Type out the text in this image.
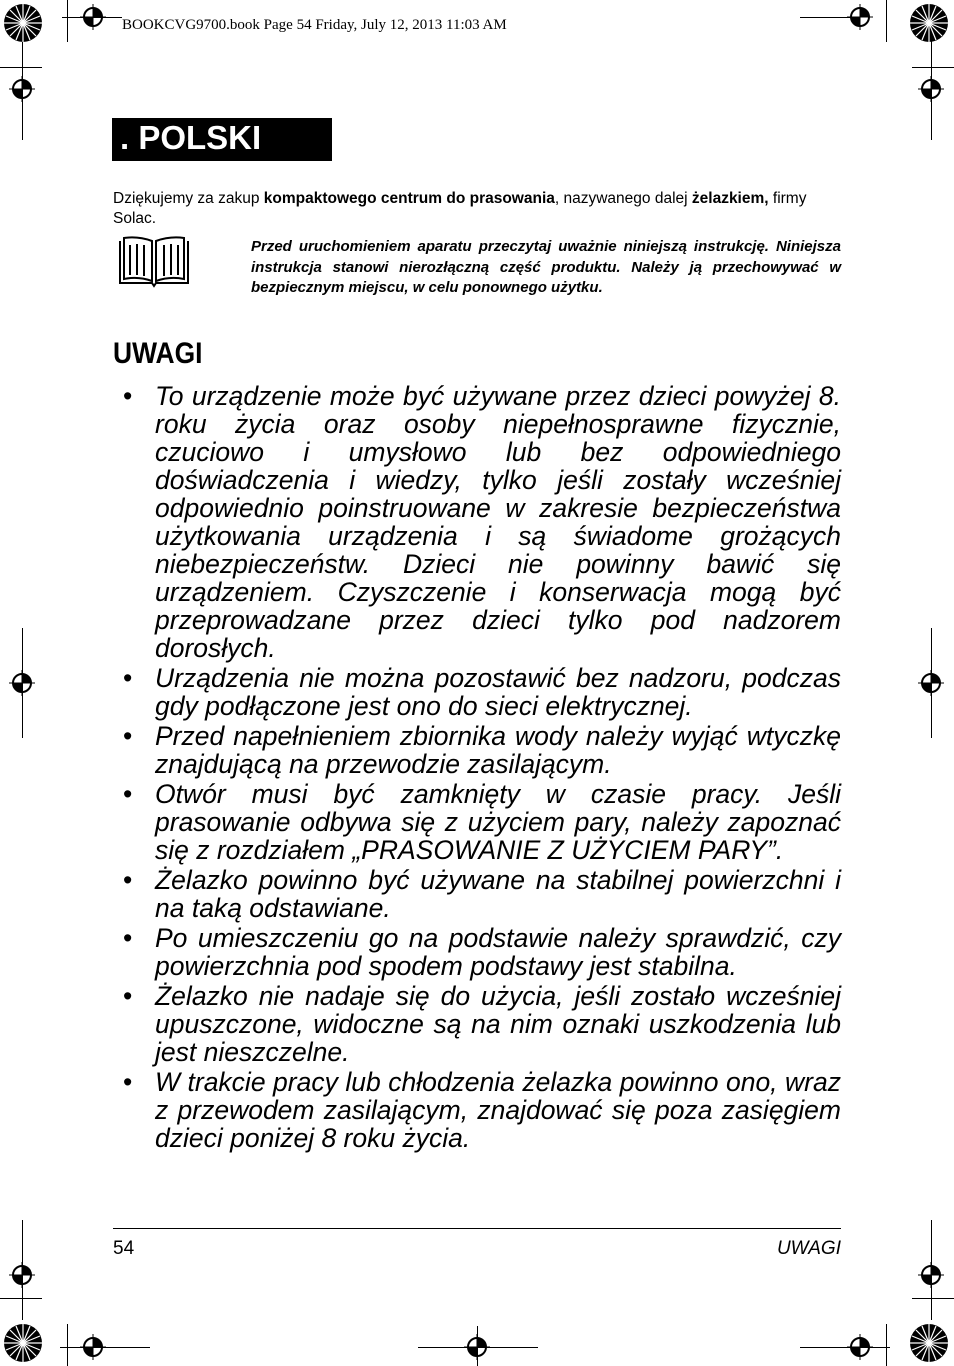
BOOKCVG9700.book Page 54 Friday, July 12, 2013 11:03 AM
. POLSKI
Dziękujemy za zakup kompaktowego centrum do prasowania, nazywanego dalej żelazkiem, firmy Solac.
Przed uruchomieniem aparatu przeczytaj uważnie niniejszą instrukcję. Niniejsza instrukcja stanowi nierozłączną część produktu. Należy ją przechowywać w bezpiecznym miejscu, w celu ponownego użytku.
UWAGI
• To urządzenie może być używane przez dzieci powyżej 8. roku życia oraz osoby niepełnosprawne fizycznie, czuciowo i umysłowo lub bez odpowiedniego doświadczenia i wiedzy, tylko jeśli zostały wcześniej odpowiednio poinstruowane w zakresie bezpieczeństwa użytkowania urządzenia i są świadome grożących niebezpieczeństw. Dzieci nie powinny bawić się urządzeniem. Czyszczenie i konserwacja mogą być przeprowadzane przez dzieci tylko pod nadzorem dorosłych.
• Urządzenia nie można pozostawić bez nadzoru, podczas gdy podłączone jest ono do sieci elektrycznej.
• Przed napełnieniem zbiornika wody należy wyjąć wtyczkę znajdującą na przewodzie zasilającym.
• Otwór musi być zamknięty w czasie pracy. Jeśli prasowanie odbywa się z użyciem pary, należy zapoznać się z rozdziałem „PRASOWANIE Z UŻYCIEM PARY”.
• Żelazko powinno być używane na stabilnej powierzchni i na taką odstawiane.
• Po umieszczeniu go na podstawie należy sprawdzić, czy powierzchnia pod spodem podstawy jest stabilna.
• Żelazko nie nadaje się do użycia, jeśli zostało wcześniej upuszczone, widoczne są na nim oznaki uszkodzenia lub jest nieszczelne.
• W trakcie pracy lub chłodzenia żelazka powinno ono, wraz z przewodem zasilającym, znajdować się poza zasięgiem dzieci poniżej 8 roku życia.
54	UWAGI
